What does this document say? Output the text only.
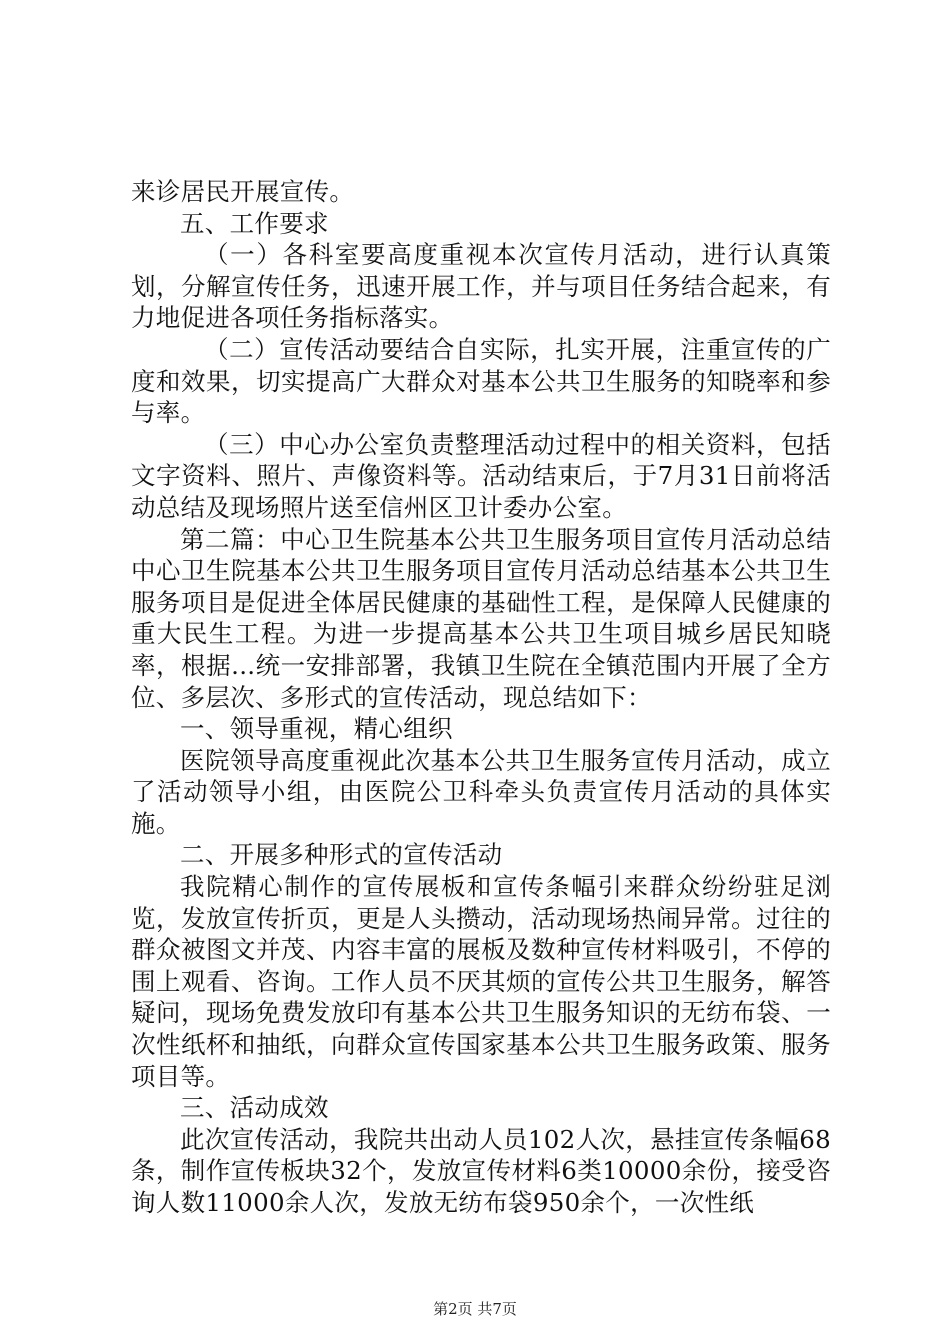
来诊居民开展宣传。

五、工作要求

（一）各科室要高度重视本次宣传月活动，进行认真策划，分解宣传任务，迅速开展工作，并与项目任务结合起来，有力地促进各项任务指标落实。

（二）宣传活动要结合自实际，扎实开展，注重宣传的广度和效果，切实提高广大群众对基本公共卫生服务的知晓率和参与率。

（三）中心办公室负责整理活动过程中的相关资料，包括文字资料、照片、声像资料等。活动结束后，于7月31日前将活动总结及现场照片送至信州区卫计委办公室。

第二篇：中心卫生院基本公共卫生服务项目宣传月活动总结中心卫生院基本公共卫生服务项目宣传月活动总结基本公共卫生服务项目是促进全体居民健康的基础性工程，是保障人民健康的重大民生工程。为进一步提高基本公共卫生项目城乡居民知晓率，根据...统一安排部署，我镇卫生院在全镇范围内开展了全方位、多层次、多形式的宣传活动，现总结如下：

一、领导重视，精心组织

医院领导高度重视此次基本公共卫生服务宣传月活动，成立了活动领导小组，由医院公卫科牵头负责宣传月活动的具体实施。

二、开展多种形式的宣传活动

我院精心制作的宣传展板和宣传条幅引来群众纷纷驻足浏览，发放宣传折页，更是人头攒动，活动现场热闹异常。过往的群众被图文并茂、内容丰富的展板及数种宣传材料吸引，不停的围上观看、咨询。工作人员不厌其烦的宣传公共卫生服务，解答疑问，现场免费发放印有基本公共卫生服务知识的无纺布袋、一次性纸杯和抽纸，向群众宣传国家基本公共卫生服务政策、服务项目等。

三、活动成效

此次宣传活动，我院共出动人员102人次，悬挂宣传条幅68条，制作宣传板块32个，发放宣传材料6类10000余份，接受咨询人数11000余人次，发放无纺布袋950余个，一次性纸

第2页 共7页
